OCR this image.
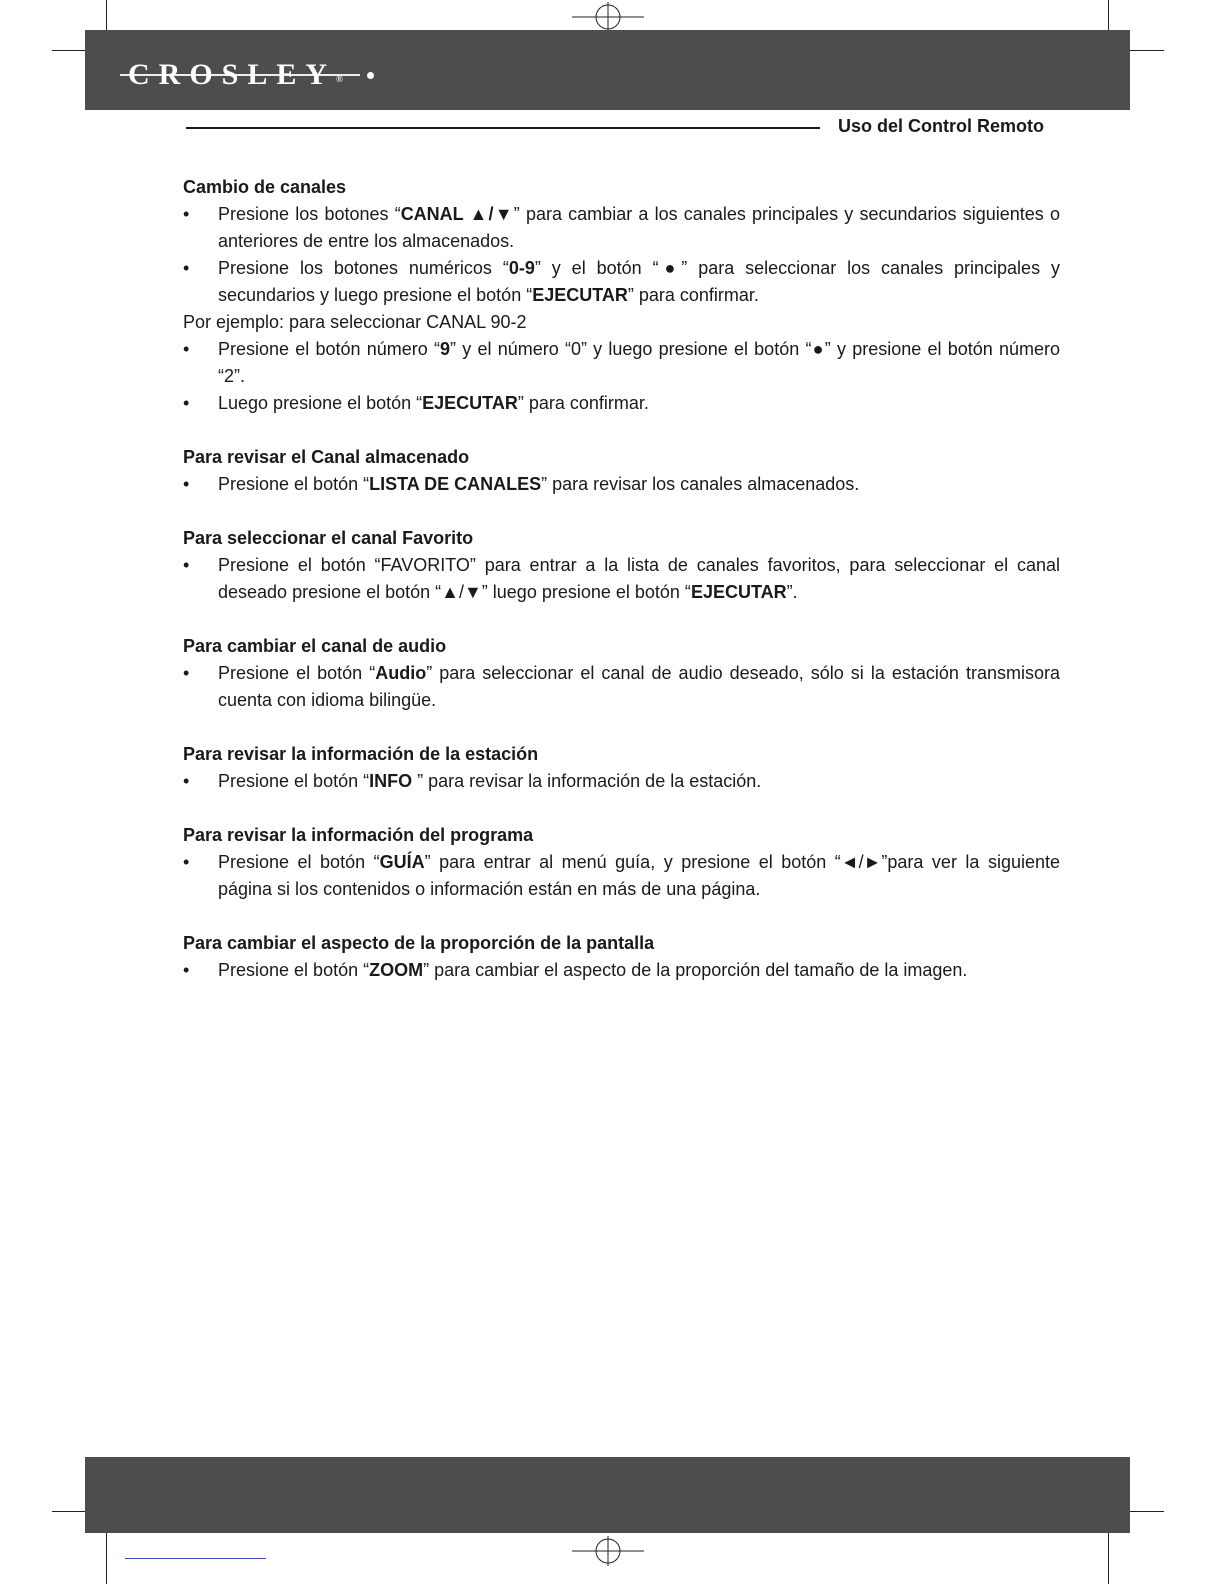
CROSLEY®
Uso del Control Remoto
Cambio de canales
• Presione los botones “CANAL ▲/▼” para cambiar a los canales principales y secundarios siguientes o anteriores de entre los almacenados.
• Presione los botones numéricos “0-9” y el botón “●” para seleccionar los canales principales y secundarios y luego presione el botón “EJECUTAR” para confirmar.

Por ejemplo: para seleccionar CANAL 90-2

• Presione el botón número “9” y el número “0” y luego presione el botón “●” y presione el botón número “2”.
• Luego presione el botón “EJECUTAR” para confirmar.
Para revisar el Canal almacenado
• Presione el botón “LISTA DE CANALES” para revisar los canales almacenados.
Para seleccionar el canal Favorito
• Presione el botón “FAVORITO” para entrar a la lista de canales favoritos, para seleccionar el canal deseado presione el botón “▲/▼” luego presione el botón “EJECUTAR”.
Para cambiar el canal de audio
• Presione el botón “Audio” para seleccionar el canal de audio deseado, sólo si la estación transmisora cuenta con idioma bilingüe.
Para revisar la información de la estación
• Presione el botón “INFO ” para revisar la información de la estación.
Para revisar la información del programa
• Presione el botón “GUÍA” para entrar al menú guía, y presione el botón “◄/►”para ver la siguiente página si los contenidos o información están en más de una página.
Para cambiar el aspecto de la proporción de la pantalla
• Presione el botón “ZOOM” para cambiar el aspecto de la proporción del tamaño de la imagen.
